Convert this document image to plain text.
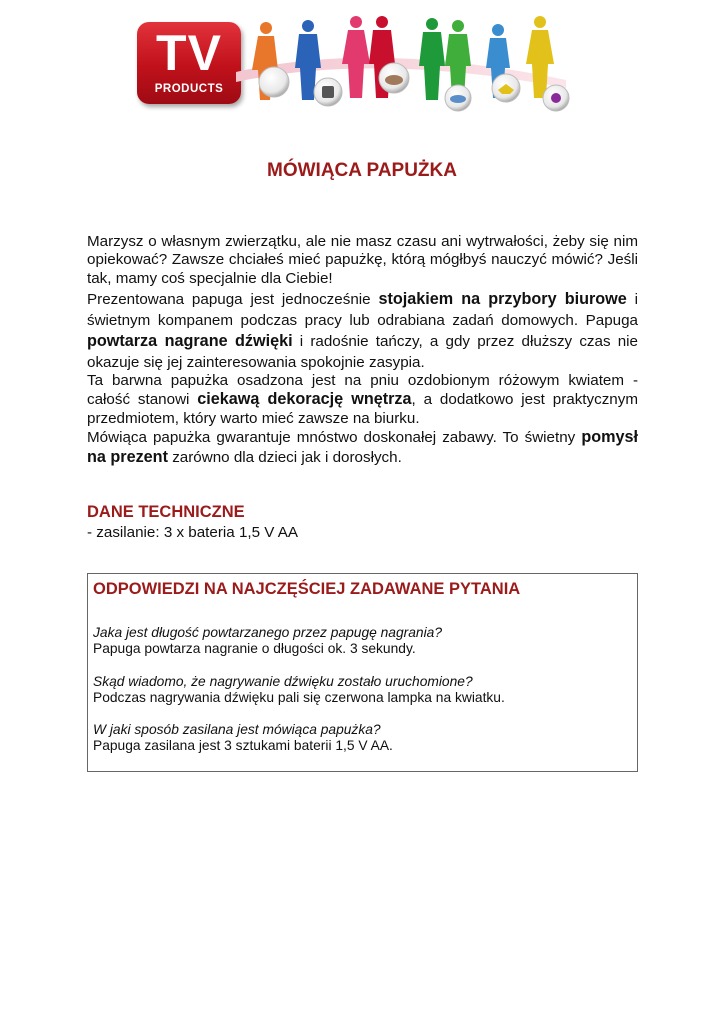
TV
PRODUCTS
MÓWIĄCA PAPUŻKA

Marzysz o własnym zwierzątku, ale nie masz czasu ani wytrwałości, żeby się nim opiekować? Zawsze chciałeś mieć papużkę, którą mógłbyś nauczyć mówić? Jeśli tak, mamy coś specjalnie dla Ciebie!

Prezentowana papuga jest jednocześnie stojakiem na przybory biurowe i świetnym kompanem podczas pracy lub odrabiana zadań domowych. Papuga powtarza nagrane dźwięki i radośnie tańczy, a gdy przez dłuższy czas nie okazuje się jej zainteresowania spokojnie zasypia.

Ta barwna papużka osadzona jest na pniu ozdobionym różowym kwiatem - całość stanowi ciekawą dekorację wnętrza, a dodatkowo jest praktycznym przedmiotem, który warto mieć zawsze na biurku.

Mówiąca papużka gwarantuje mnóstwo doskonałej zabawy. To świetny pomysł na prezent zarówno dla dzieci jak i dorosłych.

DANE TECHNICZNE
- zasilanie: 3 x bateria 1,5 V AA
ODPOWIEDZI NA NAJCZĘŚCIEJ ZADAWANE PYTANIA
Jaka jest długość powtarzanego przez papugę nagrania?
Papuga powtarza nagranie o długości ok. 3 sekundy.
Skąd wiadomo, że nagrywanie dźwięku zostało uruchomione?
Podczas nagrywania dźwięku pali się czerwona lampka na kwiatku.
W jaki sposób zasilana jest mówiąca papużka?
Papuga zasilana jest 3 sztukami baterii 1,5 V AA.
